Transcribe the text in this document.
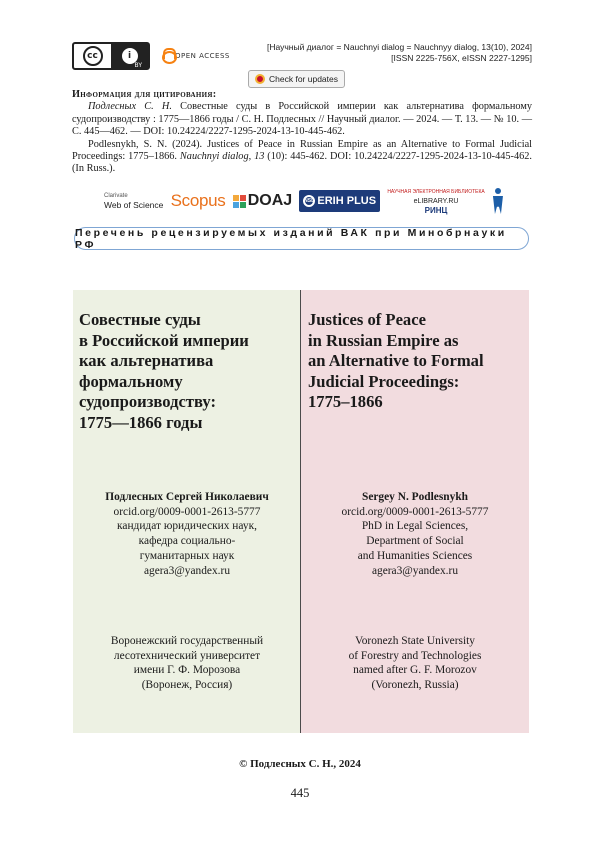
cc	i
BY
OPEN ACCESS
[Научный диалог = Nauchnyi dialog = Nauchnyy dialog, 13(10), 2024]
[ISSN 2225-756X, eISSN 2227-1295]
Check for updates
Информация для цитирования:

Подлесных С. Н. Совестные суды в Российской империи как альтернатива формальному судопроизводству : 1775—1866 годы / С. Н. Подлесных // Научный диалог. — 2024. — Т. 13. — № 10. — С. 445—462. — DOI: 10.24224/2227-1295-2024-13-10-445-462.

Podlesnykh, S. N. (2024). Justices of Peace in Russian Empire as an Alternative to Formal Judicial Proceedings: 1775–1866. Nauchnyi dialog, 13 (10): 445-462. DOI: 10.24224/2227-1295-2024-13-10-445-462. (In Russ.).

Clarivate
Web of Science Scopus DOAJ NSD ERIH PLUS
НАУЧНАЯ ЭЛЕКТРОННАЯ БИБЛИОТЕКА
eLIBRARY.RU
РИНЦ
Перечень рецензируемых изданий ВАК при Минобрнауки РФ
Совестные суды
в Российской империи
как альтернатива
формальному
судопроизводству:
1775—1866 годы
Подлесных Сергей Николаевич
orcid.org/0009-0001-2613-5777
кандидат юридических наук,
кафедра социально-
гуманитарных наук
agera3@yandex.ru
Воронежский государственный
лесотехнический университет
имени Г. Ф. Морозова
(Воронеж, Россия)
Justices of Peace
in Russian Empire as
an Alternative to Formal
Judicial Proceedings:
1775–1866
Sergey N. Podlesnykh
orcid.org/0009-0001-2613-5777
PhD in Legal Sciences,
Department of Social
and Humanities Sciences
agera3@yandex.ru
Voronezh State University
of Forestry and Technologies
named after G. F. Morozov
(Voronezh, Russia)
© Подлесных С. Н., 2024
445
